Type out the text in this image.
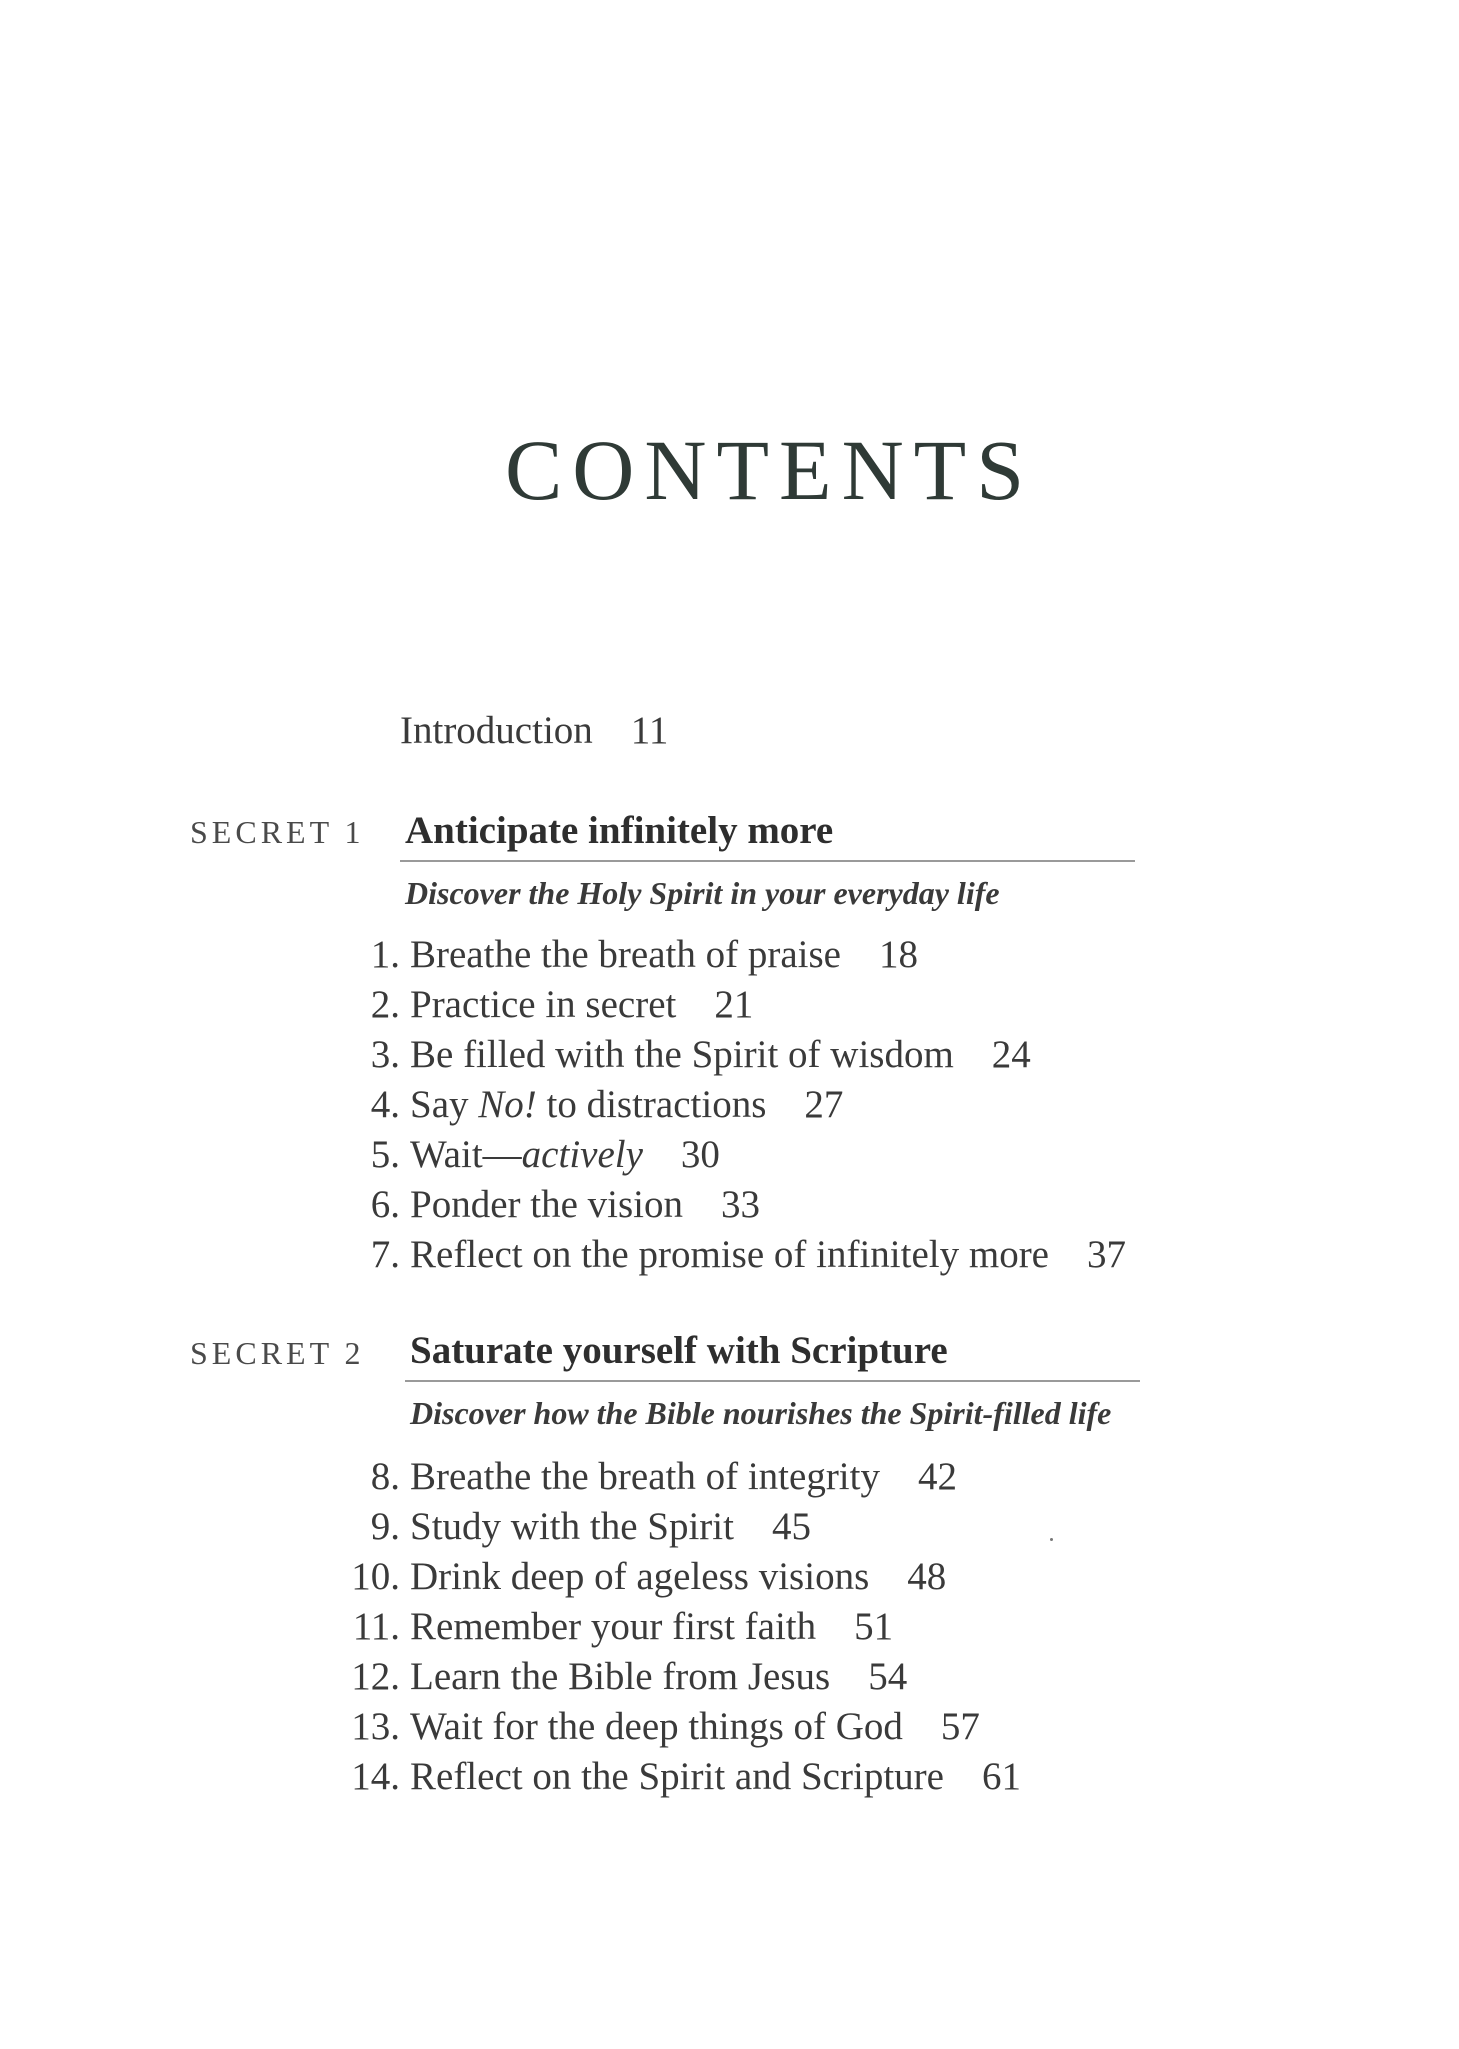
CONTENTS
Introduction 11
SECRET 1 Anticipate infinitely more
Discover the Holy Spirit in your everyday life
1. Breathe the breath of praise 18
2. Practice in secret 21
3. Be filled with the Spirit of wisdom 24
4. Say No! to distractions 27
5. Wait—actively 30
6. Ponder the vision 33
7. Reflect on the promise of infinitely more 37
SECRET 2 Saturate yourself with Scripture
Discover how the Bible nourishes the Spirit-filled life
8. Breathe the breath of integrity 42
9. Study with the Spirit 45
10. Drink deep of ageless visions 48
11. Remember your first faith 51
12. Learn the Bible from Jesus 54
13. Wait for the deep things of God 57
14. Reflect on the Spirit and Scripture 61
